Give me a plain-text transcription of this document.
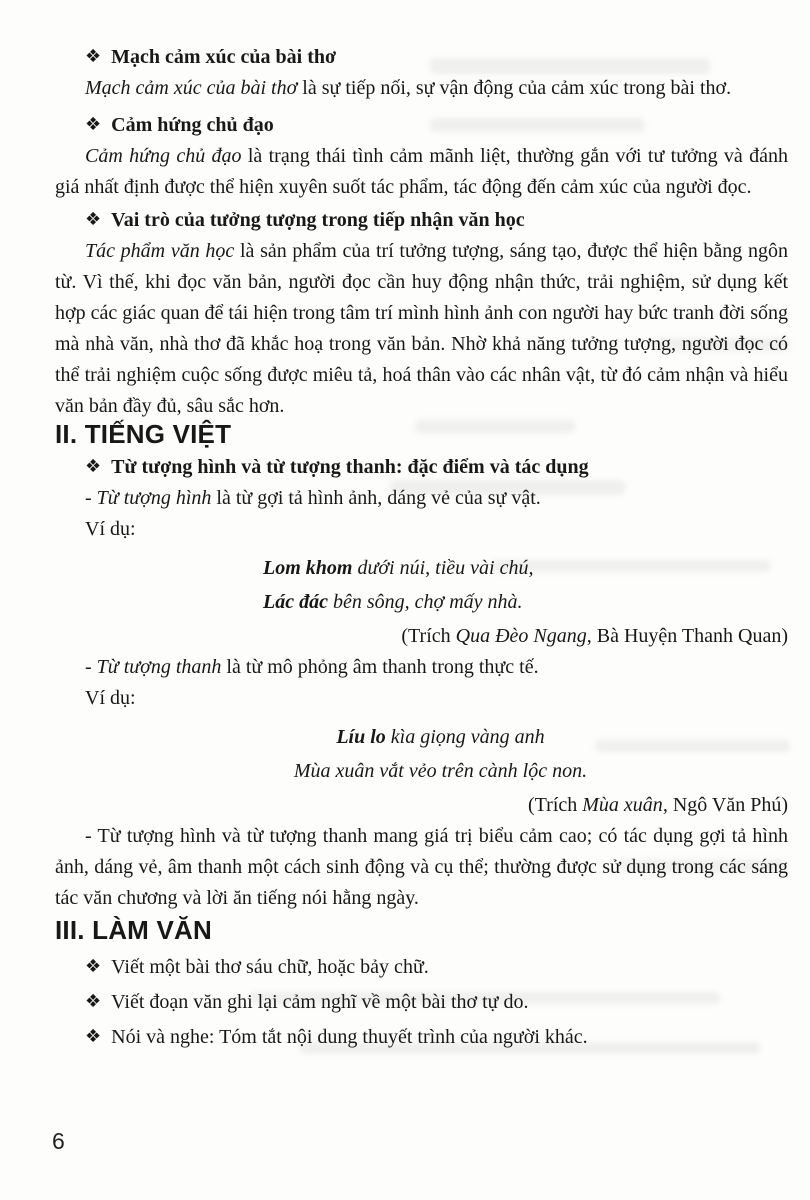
❖ Mạch cảm xúc của bài thơ

Mạch cảm xúc của bài thơ là sự tiếp nối, sự vận động của cảm xúc trong bài thơ.

❖ Cảm hứng chủ đạo

Cảm hứng chủ đạo là trạng thái tình cảm mãnh liệt, thường gắn với tư tưởng và đánh giá nhất định được thể hiện xuyên suốt tác phẩm, tác động đến cảm xúc của người đọc.

❖ Vai trò của tưởng tượng trong tiếp nhận văn học

Tác phẩm văn học là sản phẩm của trí tưởng tượng, sáng tạo, được thể hiện bằng ngôn từ. Vì thế, khi đọc văn bản, người đọc cần huy động nhận thức, trải nghiệm, sử dụng kết hợp các giác quan để tái hiện trong tâm trí mình hình ảnh con người hay bức tranh đời sống mà nhà văn, nhà thơ đã khắc hoạ trong văn bản. Nhờ khả năng tưởng tượng, người đọc có thể trải nghiệm cuộc sống được miêu tả, hoá thân vào các nhân vật, từ đó cảm nhận và hiểu văn bản đầy đủ, sâu sắc hơn.

II. TIẾNG VIỆT

❖ Từ tượng hình và từ tượng thanh: đặc điểm và tác dụng

- Từ tượng hình là từ gợi tả hình ảnh, dáng vẻ của sự vật.

Ví dụ:

Lom khom dưới núi, tiều vài chú,

Lác đác bên sông, chợ mấy nhà.

(Trích Qua Đèo Ngang, Bà Huyện Thanh Quan)

- Từ tượng thanh là từ mô phỏng âm thanh trong thực tế.

Ví dụ:

Líu lo kìa giọng vàng anh

Mùa xuân vắt vẻo trên cành lộc non.

(Trích Mùa xuân, Ngô Văn Phú)

- Từ tượng hình và từ tượng thanh mang giá trị biểu cảm cao; có tác dụng gợi tả hình ảnh, dáng vẻ, âm thanh một cách sinh động và cụ thể; thường được sử dụng trong các sáng tác văn chương và lời ăn tiếng nói hằng ngày.

III. LÀM VĂN

❖ Viết một bài thơ sáu chữ, hoặc bảy chữ.

❖ Viết đoạn văn ghi lại cảm nghĩ về một bài thơ tự do.

❖ Nói và nghe: Tóm tắt nội dung thuyết trình của người khác.

6
